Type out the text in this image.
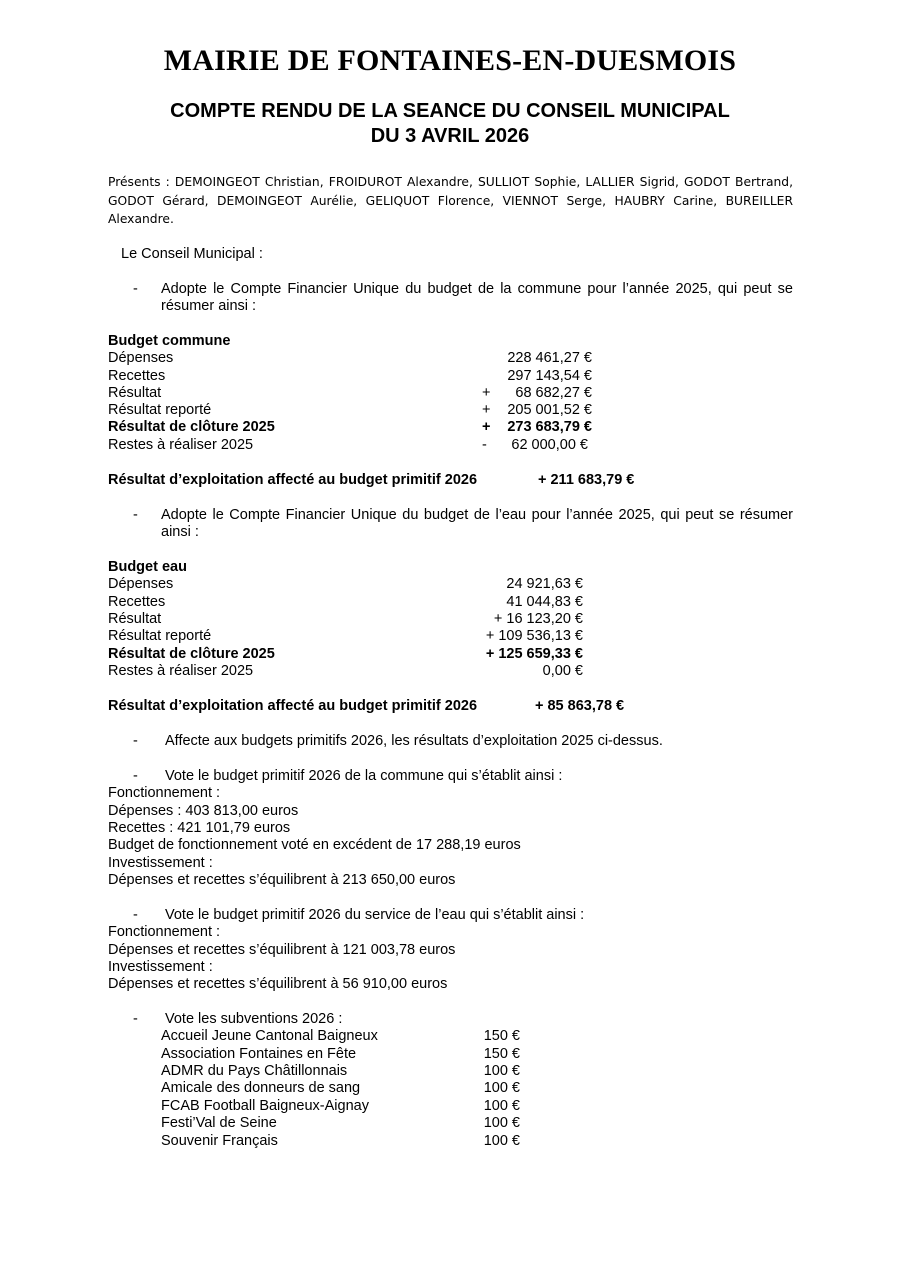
MAIRIE DE FONTAINES-EN-DUESMOIS
COMPTE RENDU DE LA SEANCE DU CONSEIL MUNICIPAL
DU 3 AVRIL 2026
Présents : DEMOINGEOT Christian, FROIDUROT Alexandre, SULLIOT Sophie, LALLIER Sigrid, GODOT Bertrand, GODOT Gérard, DEMOINGEOT Aurélie, GELIQUOT Florence, VIENNOT Serge, HAUBRY Carine, BUREILLER Alexandre.
Le Conseil Municipal :
- Adopte le Compte Financier Unique du budget de la commune pour l’année 2025, qui peut se résumer ainsi :
Budget commune
Dépenses	228 461,27 €
Recettes	297 143,54 €
Résultat	+ 68 682,27 €
Résultat reporté	+ 205 001,52 €
Résultat de clôture 2025	+ 273 683,79 €
Restes à réaliser 2025	- 62 000,00 €
Résultat d’exploitation affecté au budget primitif 2026	+ 211 683,79 €
- Adopte le Compte Financier Unique du budget de l’eau pour l’année 2025, qui peut se résumer ainsi :
Budget eau
Dépenses	24 921,63 €
Recettes	41 044,83 €
Résultat	+ 16 123,20 €
Résultat reporté	+ 109 536,13 €
Résultat de clôture 2025	+ 125 659,33 €
Restes à réaliser 2025	0,00 €
Résultat d’exploitation affecté au budget primitif 2026	+ 85 863,78 €
- Affecte aux budgets primitifs 2026, les résultats d’exploitation 2025 ci-dessus.
- Vote le budget primitif 2026 de la commune qui s’établit ainsi :
Fonctionnement :
Dépenses : 403 813,00 euros
Recettes : 421 101,79 euros
Budget de fonctionnement voté en excédent de 17 288,19 euros
Investissement :
Dépenses et recettes s’équilibrent à 213 650,00 euros
- Vote le budget primitif 2026 du service de l’eau qui s’établit ainsi :
Fonctionnement :
Dépenses et recettes s’équilibrent à 121 003,78 euros
Investissement :
Dépenses et recettes s’équilibrent à 56 910,00 euros
- Vote les subventions 2026 :
Accueil Jeune Cantonal Baigneux	150 €
Association Fontaines en Fête	150 €
ADMR du Pays Châtillonnais	100 €
Amicale des donneurs de sang	100 €
FCAB Football Baigneux-Aignay	100 €
Festi’Val de Seine	100 €
Souvenir Français	100 €
